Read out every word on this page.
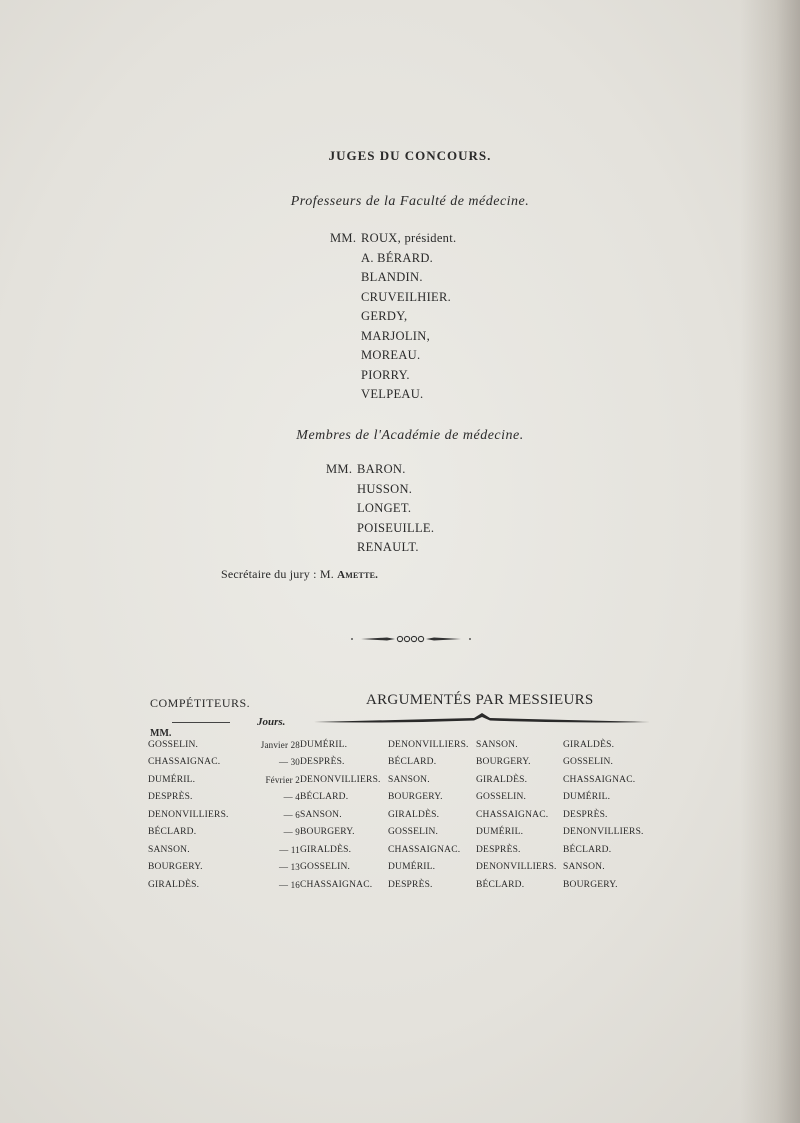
JUGES DU CONCOURS.
Professeurs de la Faculté de médecine.
MM. ROUX, président.
A. BÉRARD.
BLANDIN.
CRUVEILHIER.
GERDY,
MARJOLIN,
MOREAU.
PIORRY.
VELPEAU.
Membres de l'Académie de médecine.
MM. BARON.
HUSSON.
LONGET.
POISEUILLE.
RENAULT.
Secrétaire du jury : M. Amette.
COMPÉTITEURS.	ARGUMENTÉS PAR MESSIEURS
MM.
Jours.
GOSSELIN.	Janvier 28	DUMÉRIL.	DENONVILLIERS.	SANSON.	GIRALDÈS.
CHASSAIGNAC.	— 30	DESPRÈS.	BÉCLARD.	BOURGERY.	GOSSELIN.
DUMÉRIL.	Février 2	DENONVILLIERS.	SANSON.	GIRALDÈS.	CHASSAIGNAC.
DESPRÈS.	— 4	BÉCLARD.	BOURGERY.	GOSSELIN.	DUMÉRIL.
DENONVILLIERS.	— 6	SANSON.	GIRALDÈS.	CHASSAIGNAC.	DESPRÈS.
BÉCLARD.	— 9	BOURGERY.	GOSSELIN.	DUMÉRIL.	DENONVILLIERS.
SANSON.	— 11	GIRALDÈS.	CHASSAIGNAC.	DESPRÈS.	BÉCLARD.
BOURGERY.	— 13	GOSSELIN.	DUMÉRIL.	DENONVILLIERS.	SANSON.
GIRALDÈS.	— 16	CHASSAIGNAC.	DESPRÈS.	BÉCLARD.	BOURGERY.
